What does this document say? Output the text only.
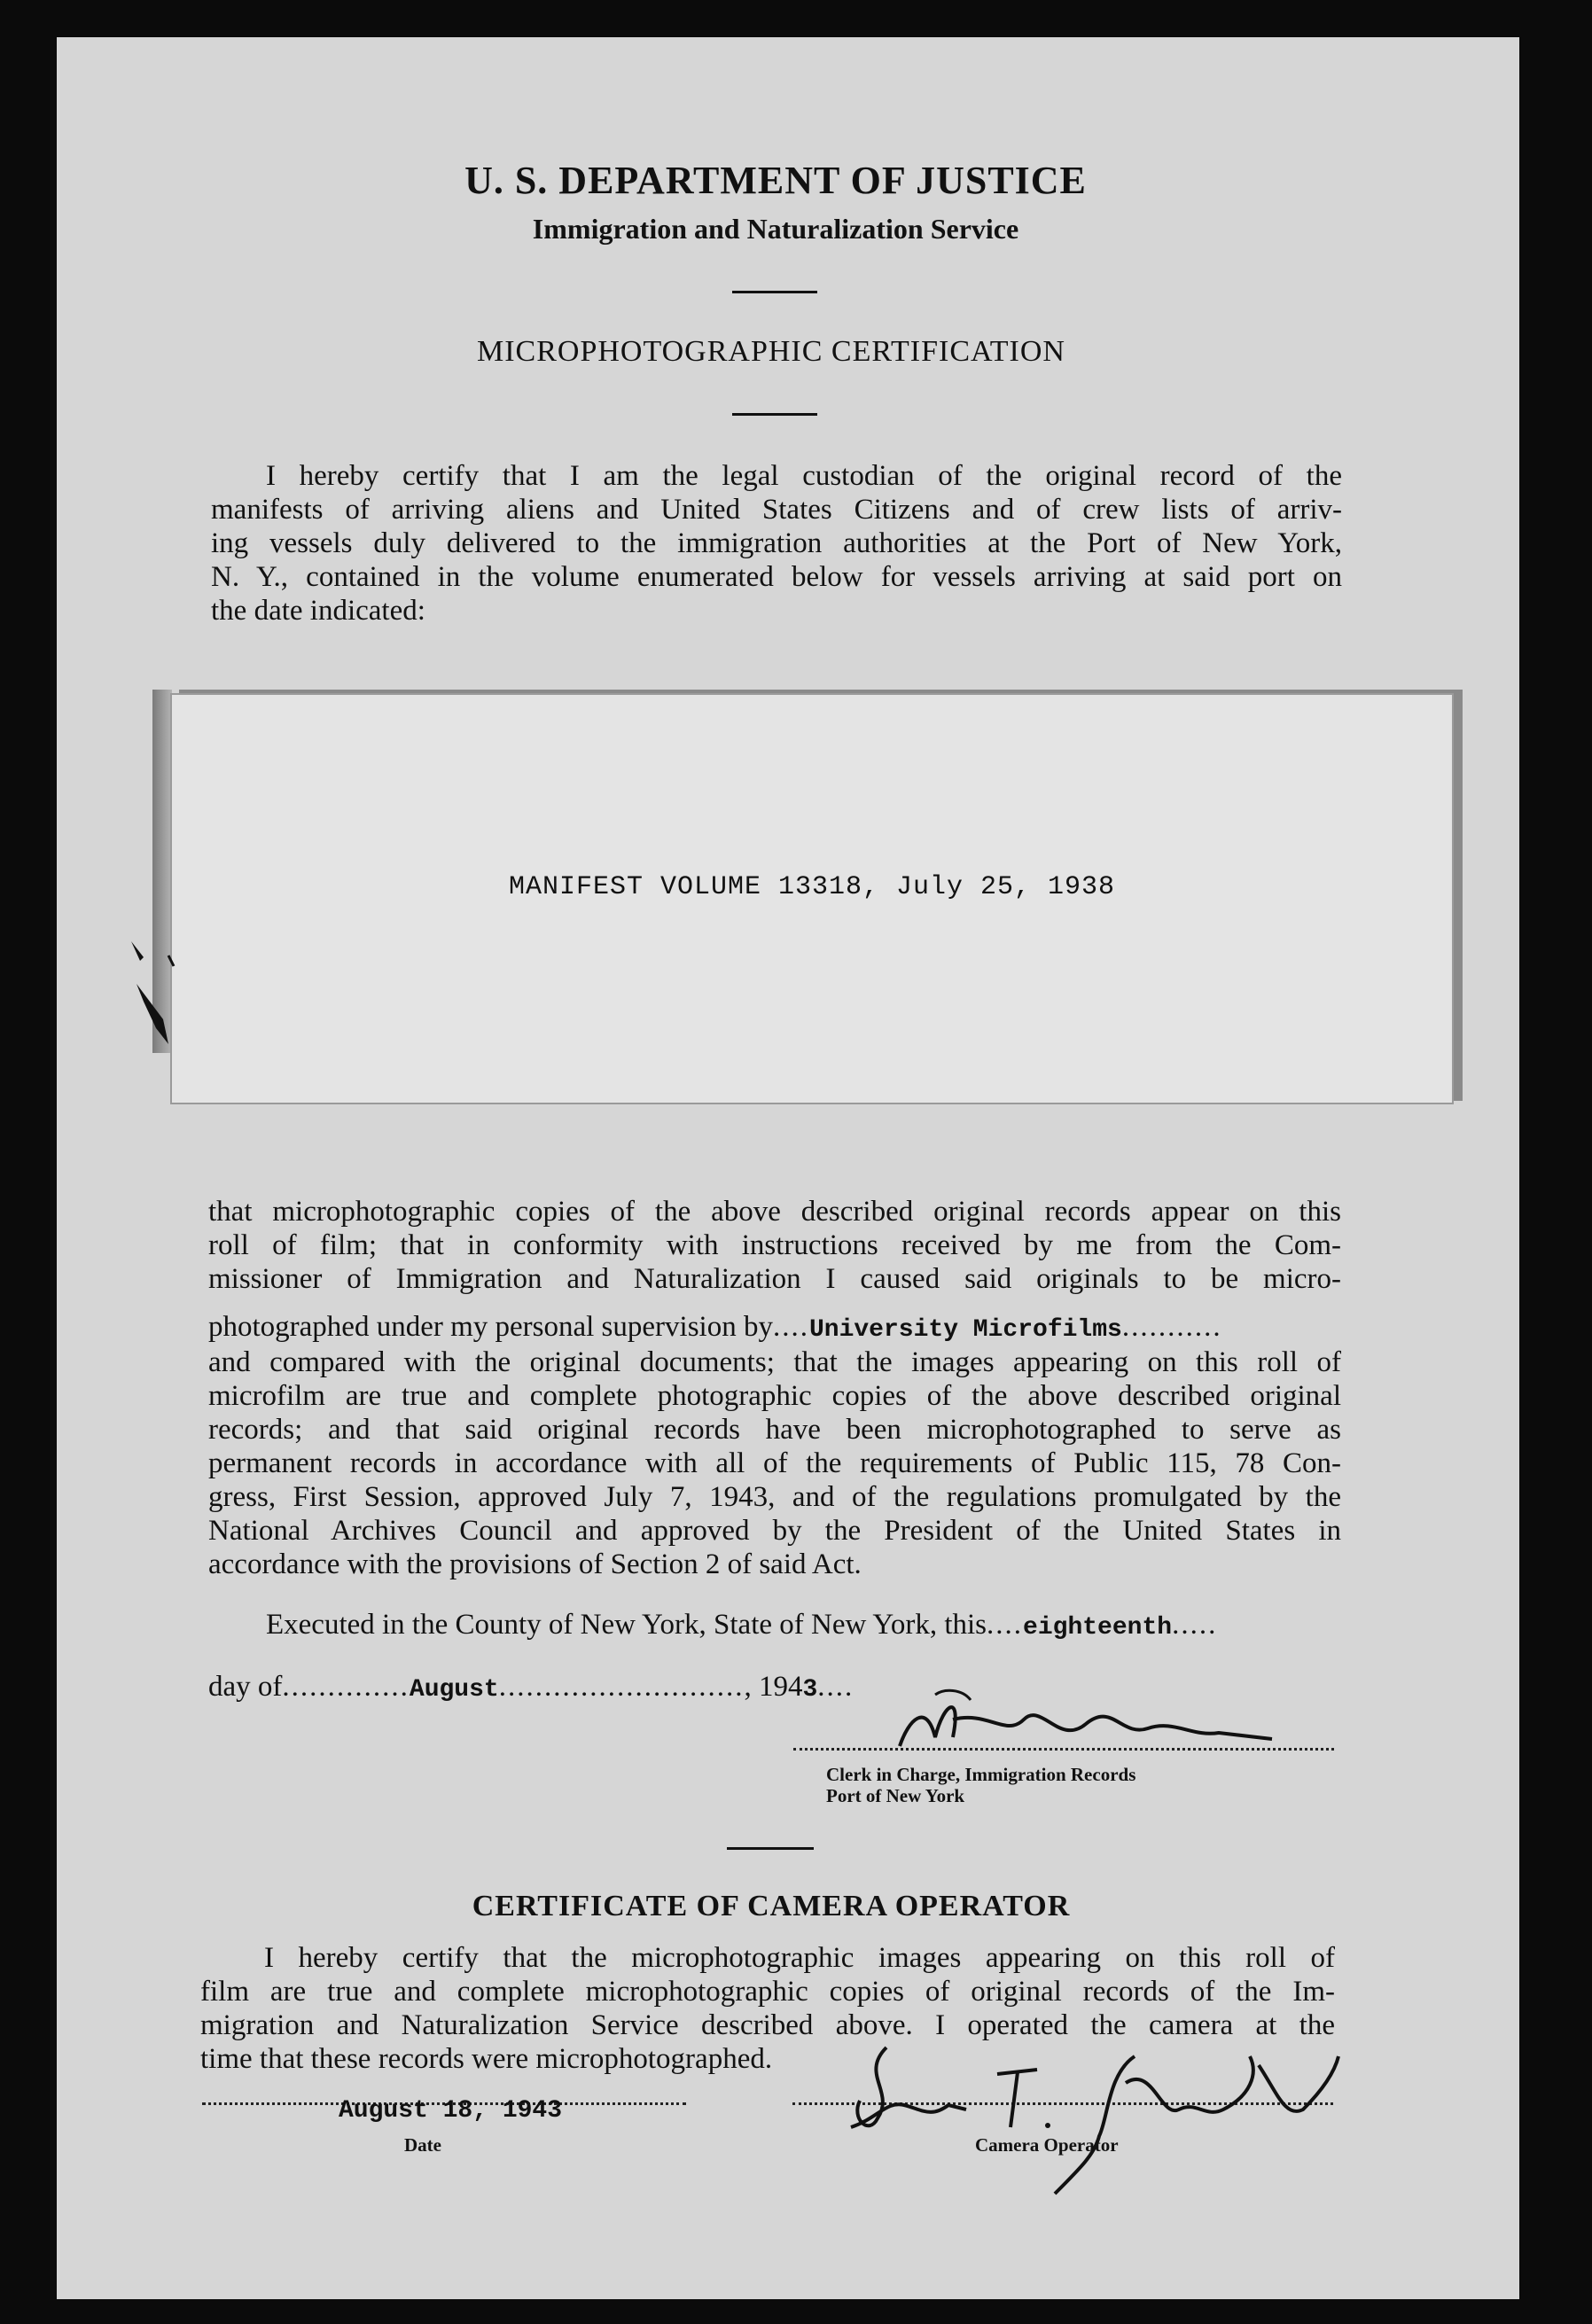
U. S. DEPARTMENT OF JUSTICE
Immigration and Naturalization Service
MICROPHOTOGRAPHIC CERTIFICATION
I hereby certify that I am the legal custodian of the original record of the
manifests of arriving aliens and United States Citizens and of crew lists of arriv-
ing vessels duly delivered to the immigration authorities at the Port of New York,
N. Y., contained in the volume enumerated below for vessels arriving at said port on
the date indicated:
MANIFEST VOLUME 13318, July 25, 1938
that microphotographic copies of the above described original records appear on this
roll of film; that in conformity with instructions received by me from the Com-
missioner of Immigration and Naturalization I caused said originals to be micro-
photographed under my personal supervision by....University Microfilms...........
and compared with the original documents; that the images appearing on this roll of
microfilm are true and complete photographic copies of the above described original
records; and that said original records have been microphotographed to serve as
permanent records in accordance with all of the requirements of Public 115, 78 Con-
gress, First Session, approved July 7, 1943, and of the regulations promulgated by the
National Archives Council and approved by the President of the United States in
accordance with the provisions of Section 2 of said Act.
Executed in the County of New York, State of New York, this....eighteenth.....
day of..............August..........................., 1943....
Clerk in Charge, Immigration Records
Port of New York
CERTIFICATE OF CAMERA OPERATOR
I hereby certify that the microphotographic images appearing on this roll of
film are true and complete microphotographic copies of original records of the Im-
migration and Naturalization Service described above. I operated the camera at the
time that these records were microphotographed.
August 18, 1943
Date	Camera Operator
